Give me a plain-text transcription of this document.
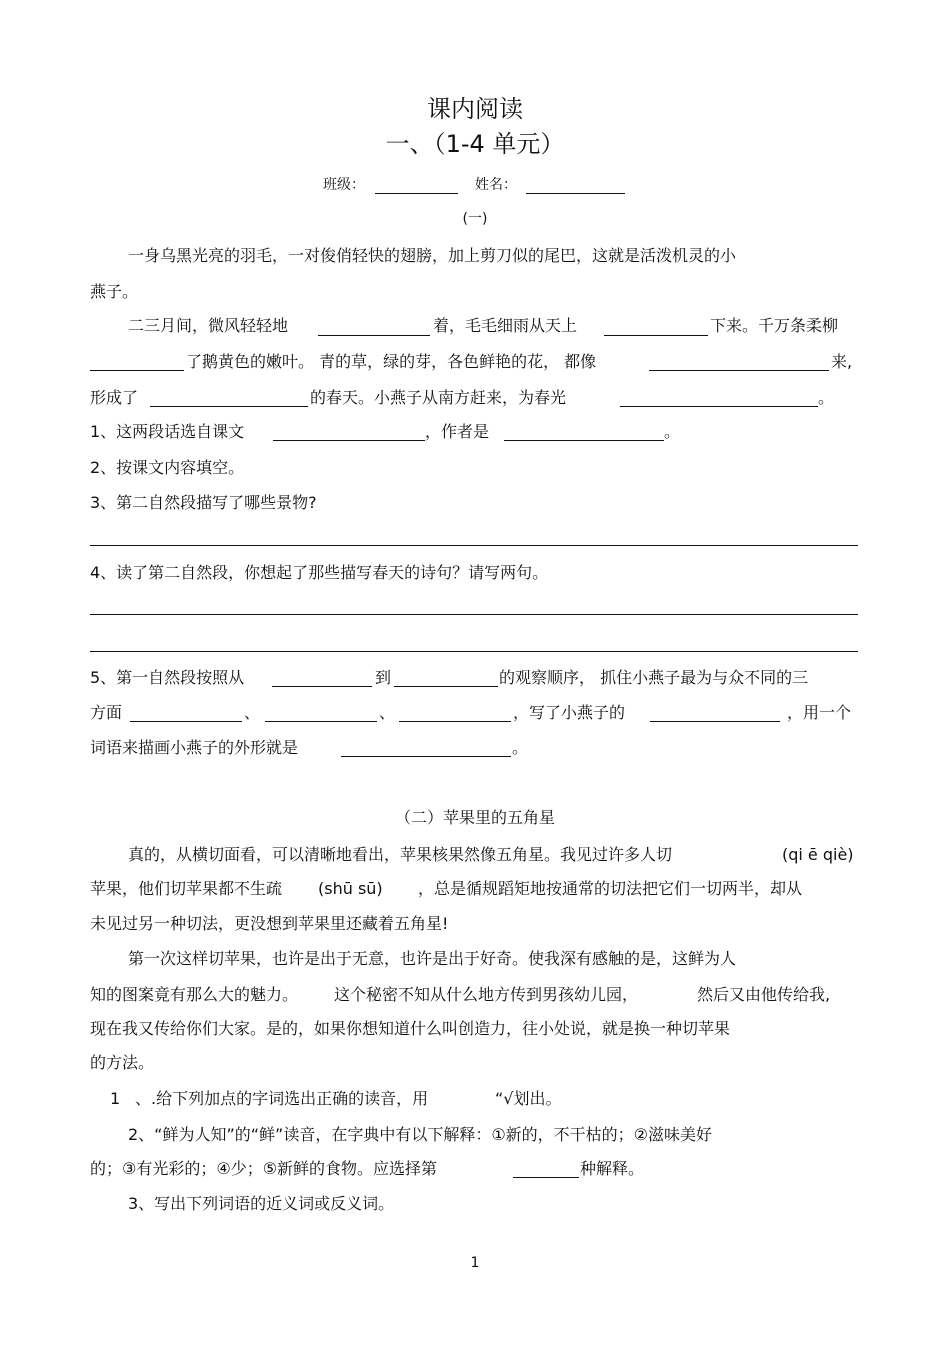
课内阅读
一、（1-4 单元）
班级：	姓名：
(一)
一身乌黑光亮的羽毛，一对俊俏轻快的翅膀，加上剪刀似的尾巴，这就是活泼机灵的小
燕子。
二三月间，微风轻轻地	着，毛毛细雨从天上	下来。千万条柔柳
了鹅黄色的嫩叶。 青的草，绿的芽，各色鲜艳的花， 都像	来,
形成了	的春天。小燕子从南方赶来，为春光	。
1、这两段话选自课文	，作者是	。
2、按课文内容填空。
3、第二自然段描写了哪些景物?
4、读了第二自然段，你想起了那些描写春天的诗句？请写两句。
5、第一自然段按照从	到	的观察顺序， 抓住小燕子最为与众不同的三
方面	、	、	，写了小燕子的	，用一个
词语来描画小燕子的外形就是	。
（二）苹果里的五角星
真的，从横切面看，可以清晰地看出，苹果核果然像五角星。我见过许多人切	(qi ē qiè)
苹果，他们切苹果都不生疏 (shū sū) ，总是循规蹈矩地按通常的切法把它们一切两半，却从
未见过另一种切法，更没想到苹果里还藏着五角星!
第一次这样切苹果，也许是出于无意，也许是出于好奇。使我深有感触的是，这鲜为人
知的图案竟有那么大的魅力。 这个秘密不知从什么地方传到男孩幼儿园，	然后又由他传给我,
现在我又传给你们大家。是的，如果你想知道什么叫创造力，往小处说，就是换一种切苹果
的方法。
1 、.给下列加点的字词选出正确的读音，用	“√划出。
2、“鲜为人知”的“鲜”读音，在字典中有以下解释：①新的，不干枯的；②滋味美好
的；③有光彩的；④少；⑤新鲜的食物。应选择第	种解释。
3、写出下列词语的近义词或反义词。
1
